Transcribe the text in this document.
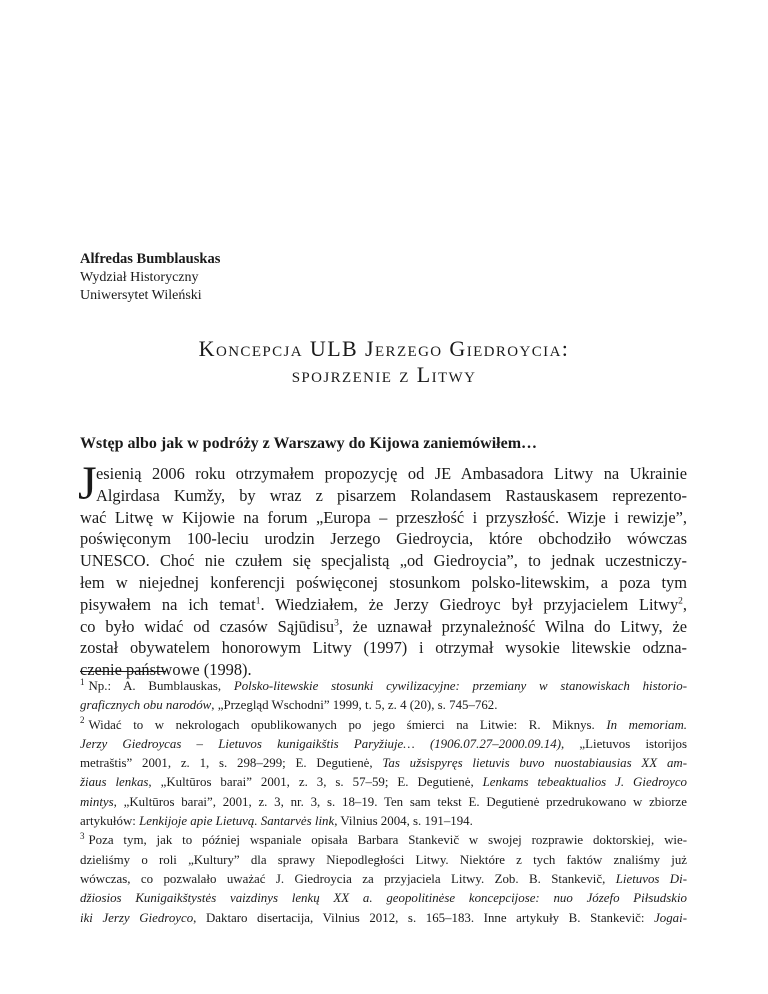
Alfredas Bumblauskas
Wydział Historyczny
Uniwersytet Wileński
Koncepcja ULB Jerzego Giedroycia:
spojrzenie z Litwy
Wstęp albo jak w podróży z Warszawy do Kijowa zaniemówiłem…
J esienią 2006 roku otrzymałem propozycję od JE Ambasadora Litwy na Ukrainie
Algirdasa Kumžy, by wraz z pisarzem Rolandasem Rastauskasem reprezento-
wać Litwę w Kijowie na forum „Europa – przeszłość i przyszłość. Wizje i rewizje”,
poświęconym 100-leciu urodzin Jerzego Giedroycia, które obchodziło wówczas
UNESCO. Choć nie czułem się specjalistą „od Giedroycia”, to jednak uczestniczy-
łem w niejednej konferencji poświęconej stosunkom polsko-litewskim, a poza tym
pisywałem na ich temat$^1$. Wiedziałem, że Jerzy Giedroyc był przyjacielem Litwy$^2$,
co było widać od czasów Sąjūdisu$^3$, że uznawał przynależność Wilna do Litwy, że
został obywatelem honorowym Litwy (1997) i otrzymał wysokie litewskie odzna-
czenie państwowe (1998).
$^1$ Np.: A. Bumblauskas, Polsko-litewskie stosunki cywilizacyjne: przemiany w stanowiskach historio-
graficznych obu narodów, „Przegląd Wschodni” 1999, t. 5, z. 4 (20), s. 745–762.
$^2$ Widać to w nekrologach opublikowanych po jego śmierci na Litwie: R. Miknys. In memoriam.
Jerzy Giedroycas – Lietuvos kunigaikštis Paryžiuje… (1906.07.27–2000.09.14), „Lietuvos istorijos
metraštis” 2001, z. 1, s. 298–299; E. Degutienė, Tas užsispyręs lietuvis buvo nuostabiausias XX am-
žiaus lenkas, „Kultūros barai” 2001, z. 3, s. 57–59; E. Degutienė, Lenkams tebeaktualios J. Giedroyco
mintys, „Kultūros barai”, 2001, z. 3, nr. 3, s. 18–19. Ten sam tekst E. Degutienė przedrukowano w zbiorze
artykułów: Lenkijoje apie Lietuvą. Santarvės link, Vilnius 2004, s. 191–194.
$^3$ Poza tym, jak to później wspaniale opisała Barbara Stankevič w swojej rozprawie doktorskiej, wie-
dzieliśmy o roli „Kultury” dla sprawy Niepodległości Litwy. Niektóre z tych faktów znaliśmy już
wówczas, co pozwalało uważać J. Giedroycia za przyjaciela Litwy. Zob. B. Stankevič, Lietuvos Di-
džiosios Kunigaikštystės vaizdinys lenkų XX a. geopolitinėse koncepcijose: nuo Józefo Piłsudskio
iki Jerzy Giedroyco, Daktaro disertacija, Vilnius 2012, s. 165–183. Inne artykuły B. Stankevič: Jogai-
